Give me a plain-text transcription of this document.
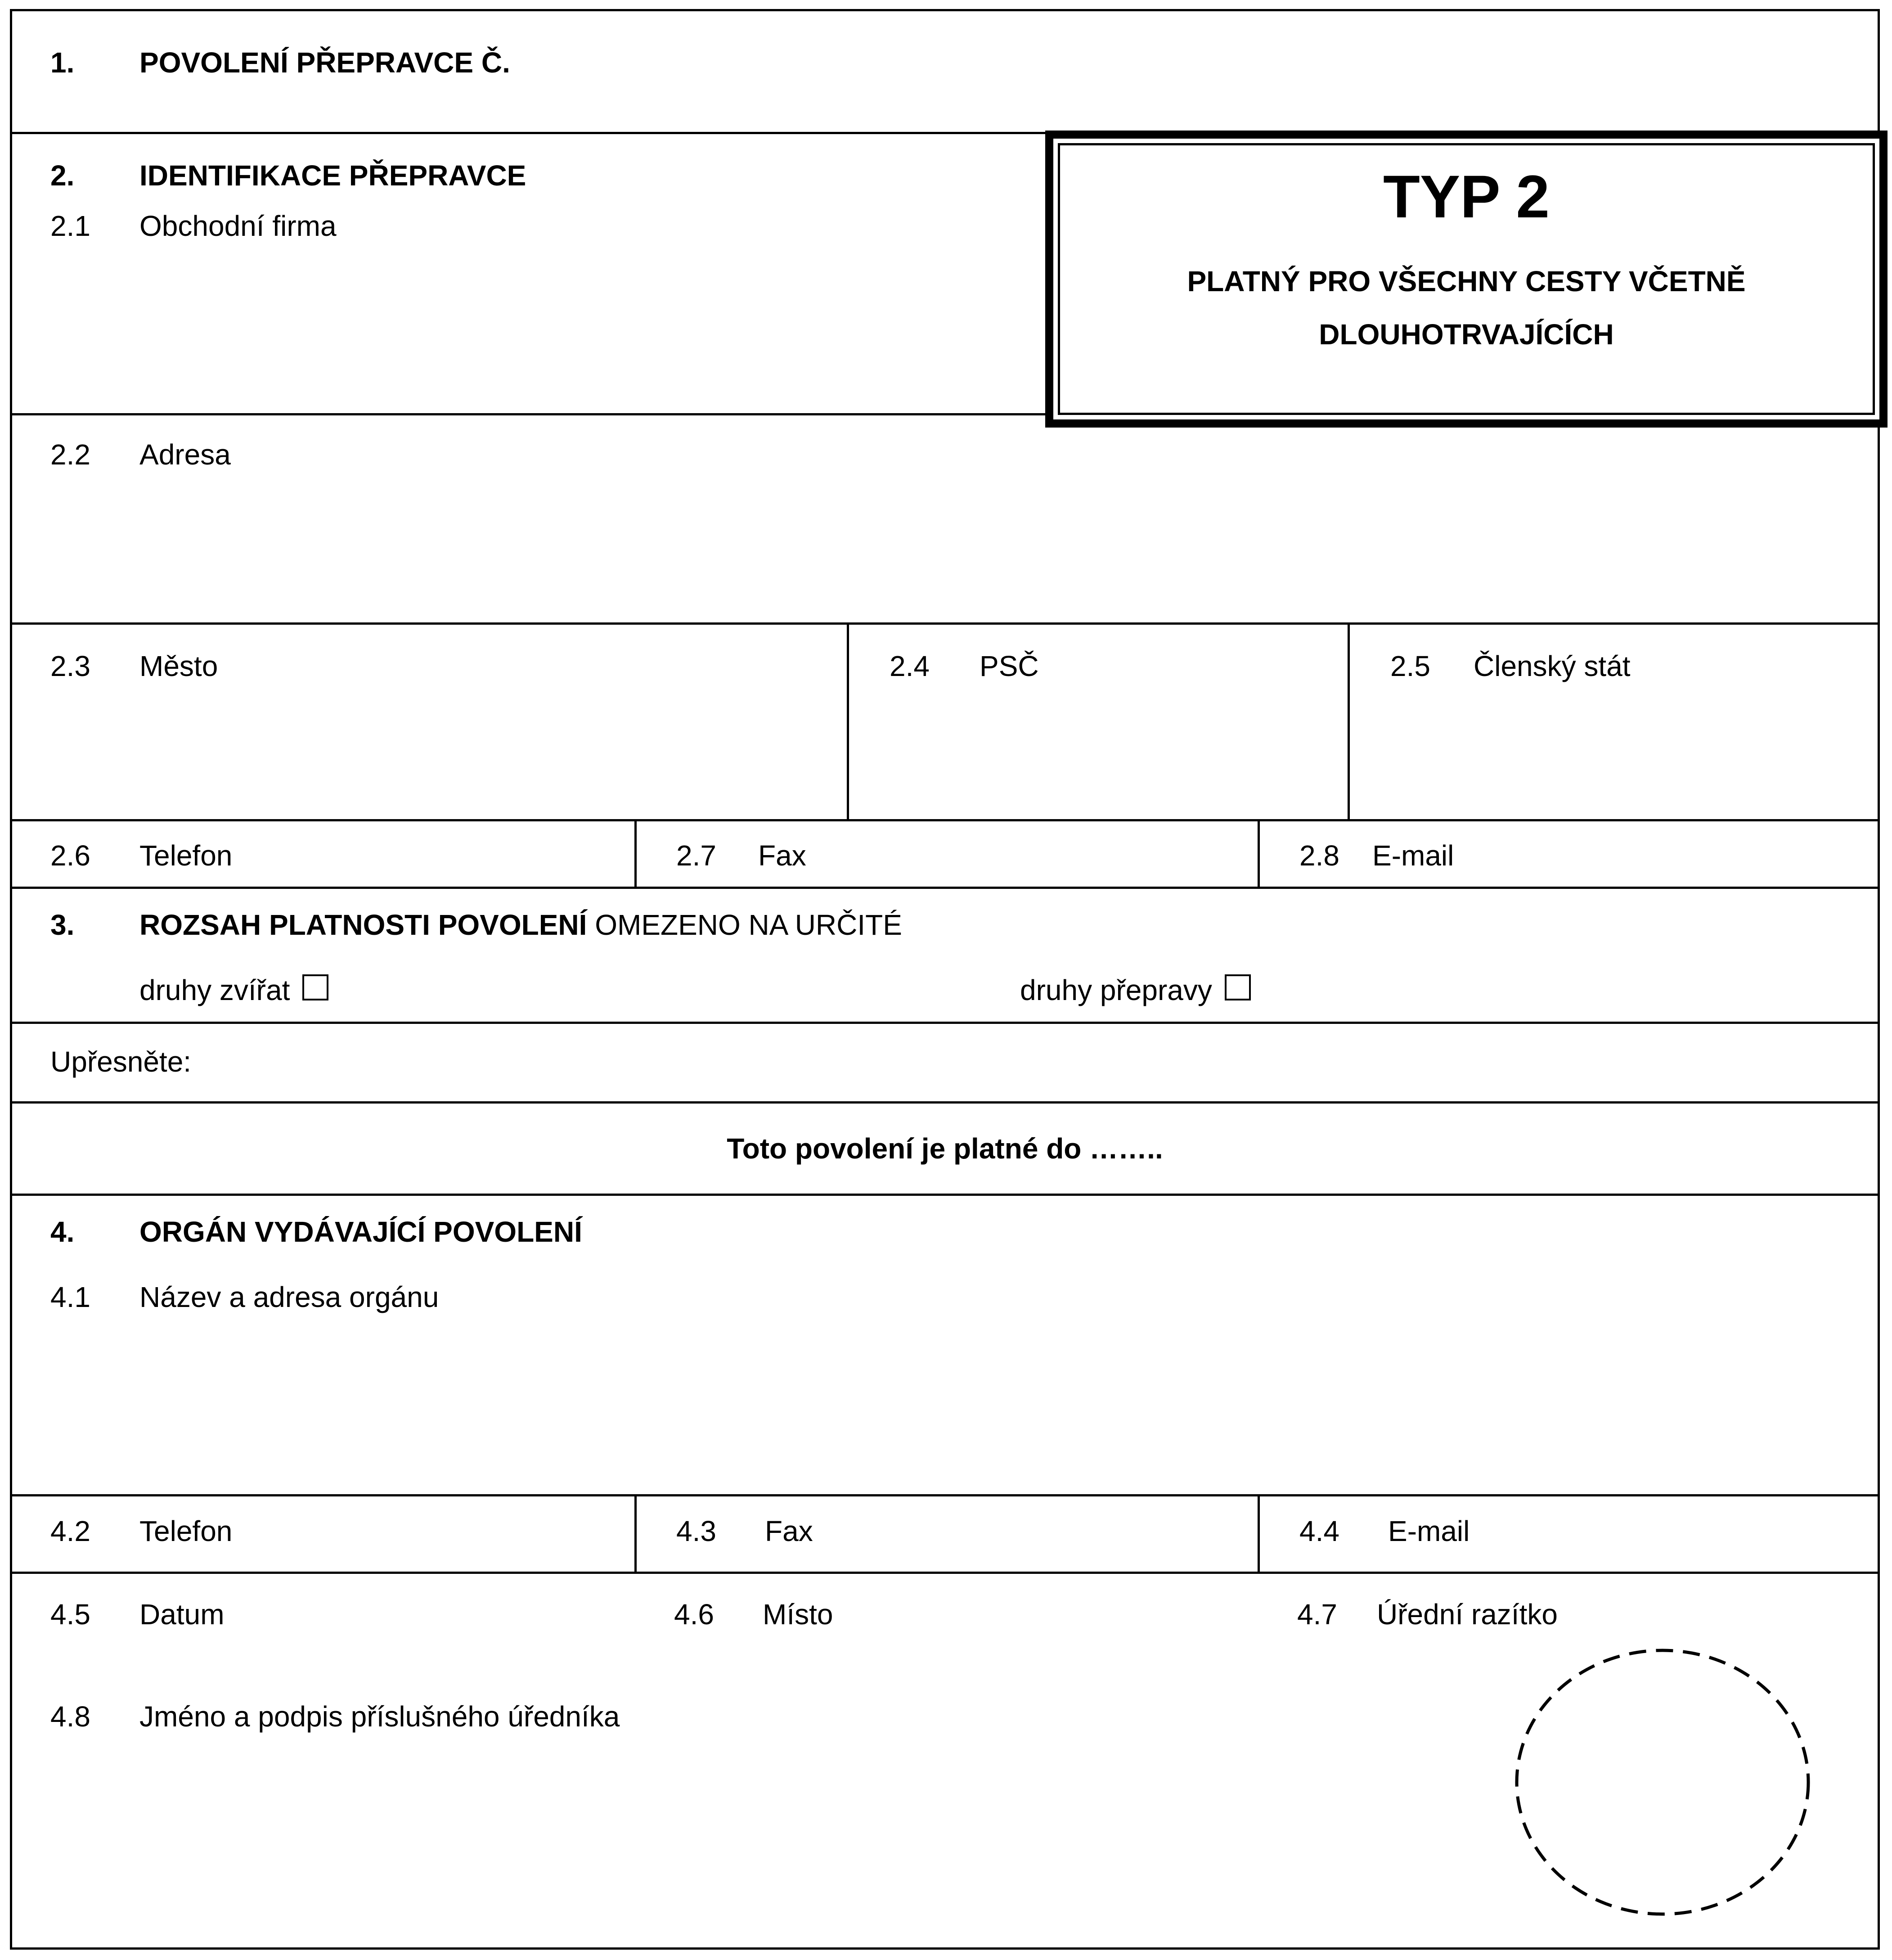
1. POVOLENÍ PŘEPRAVCE Č.
2. IDENTIFIKACE PŘEPRAVCE
2.1 Obchodní firma
2.2 Adresa
2.3 Město	2.4 PSČ	2.5 Členský stát
2.6 Telefon	2.7 Fax	2.8 E-mail
3. ROZSAH PLATNOSTI POVOLENÍ OMEZENO NA URČITÉ
druhy zvířat	druhy přepravy
Upřesněte:
Toto povolení je platné do ……..
4. ORGÁN VYDÁVAJÍCÍ POVOLENÍ
4.1 Název a adresa orgánu
4.2 Telefon	4.3 Fax	4.4 E-mail
4.5 Datum	4.6 Místo	4.7 Úřední razítko
4.8 Jméno a podpis příslušného úředníka
TYP 2
PLATNÝ PRO VŠECHNY CESTY VČETNĚ
DLOUHOTRVAJÍCÍCH
